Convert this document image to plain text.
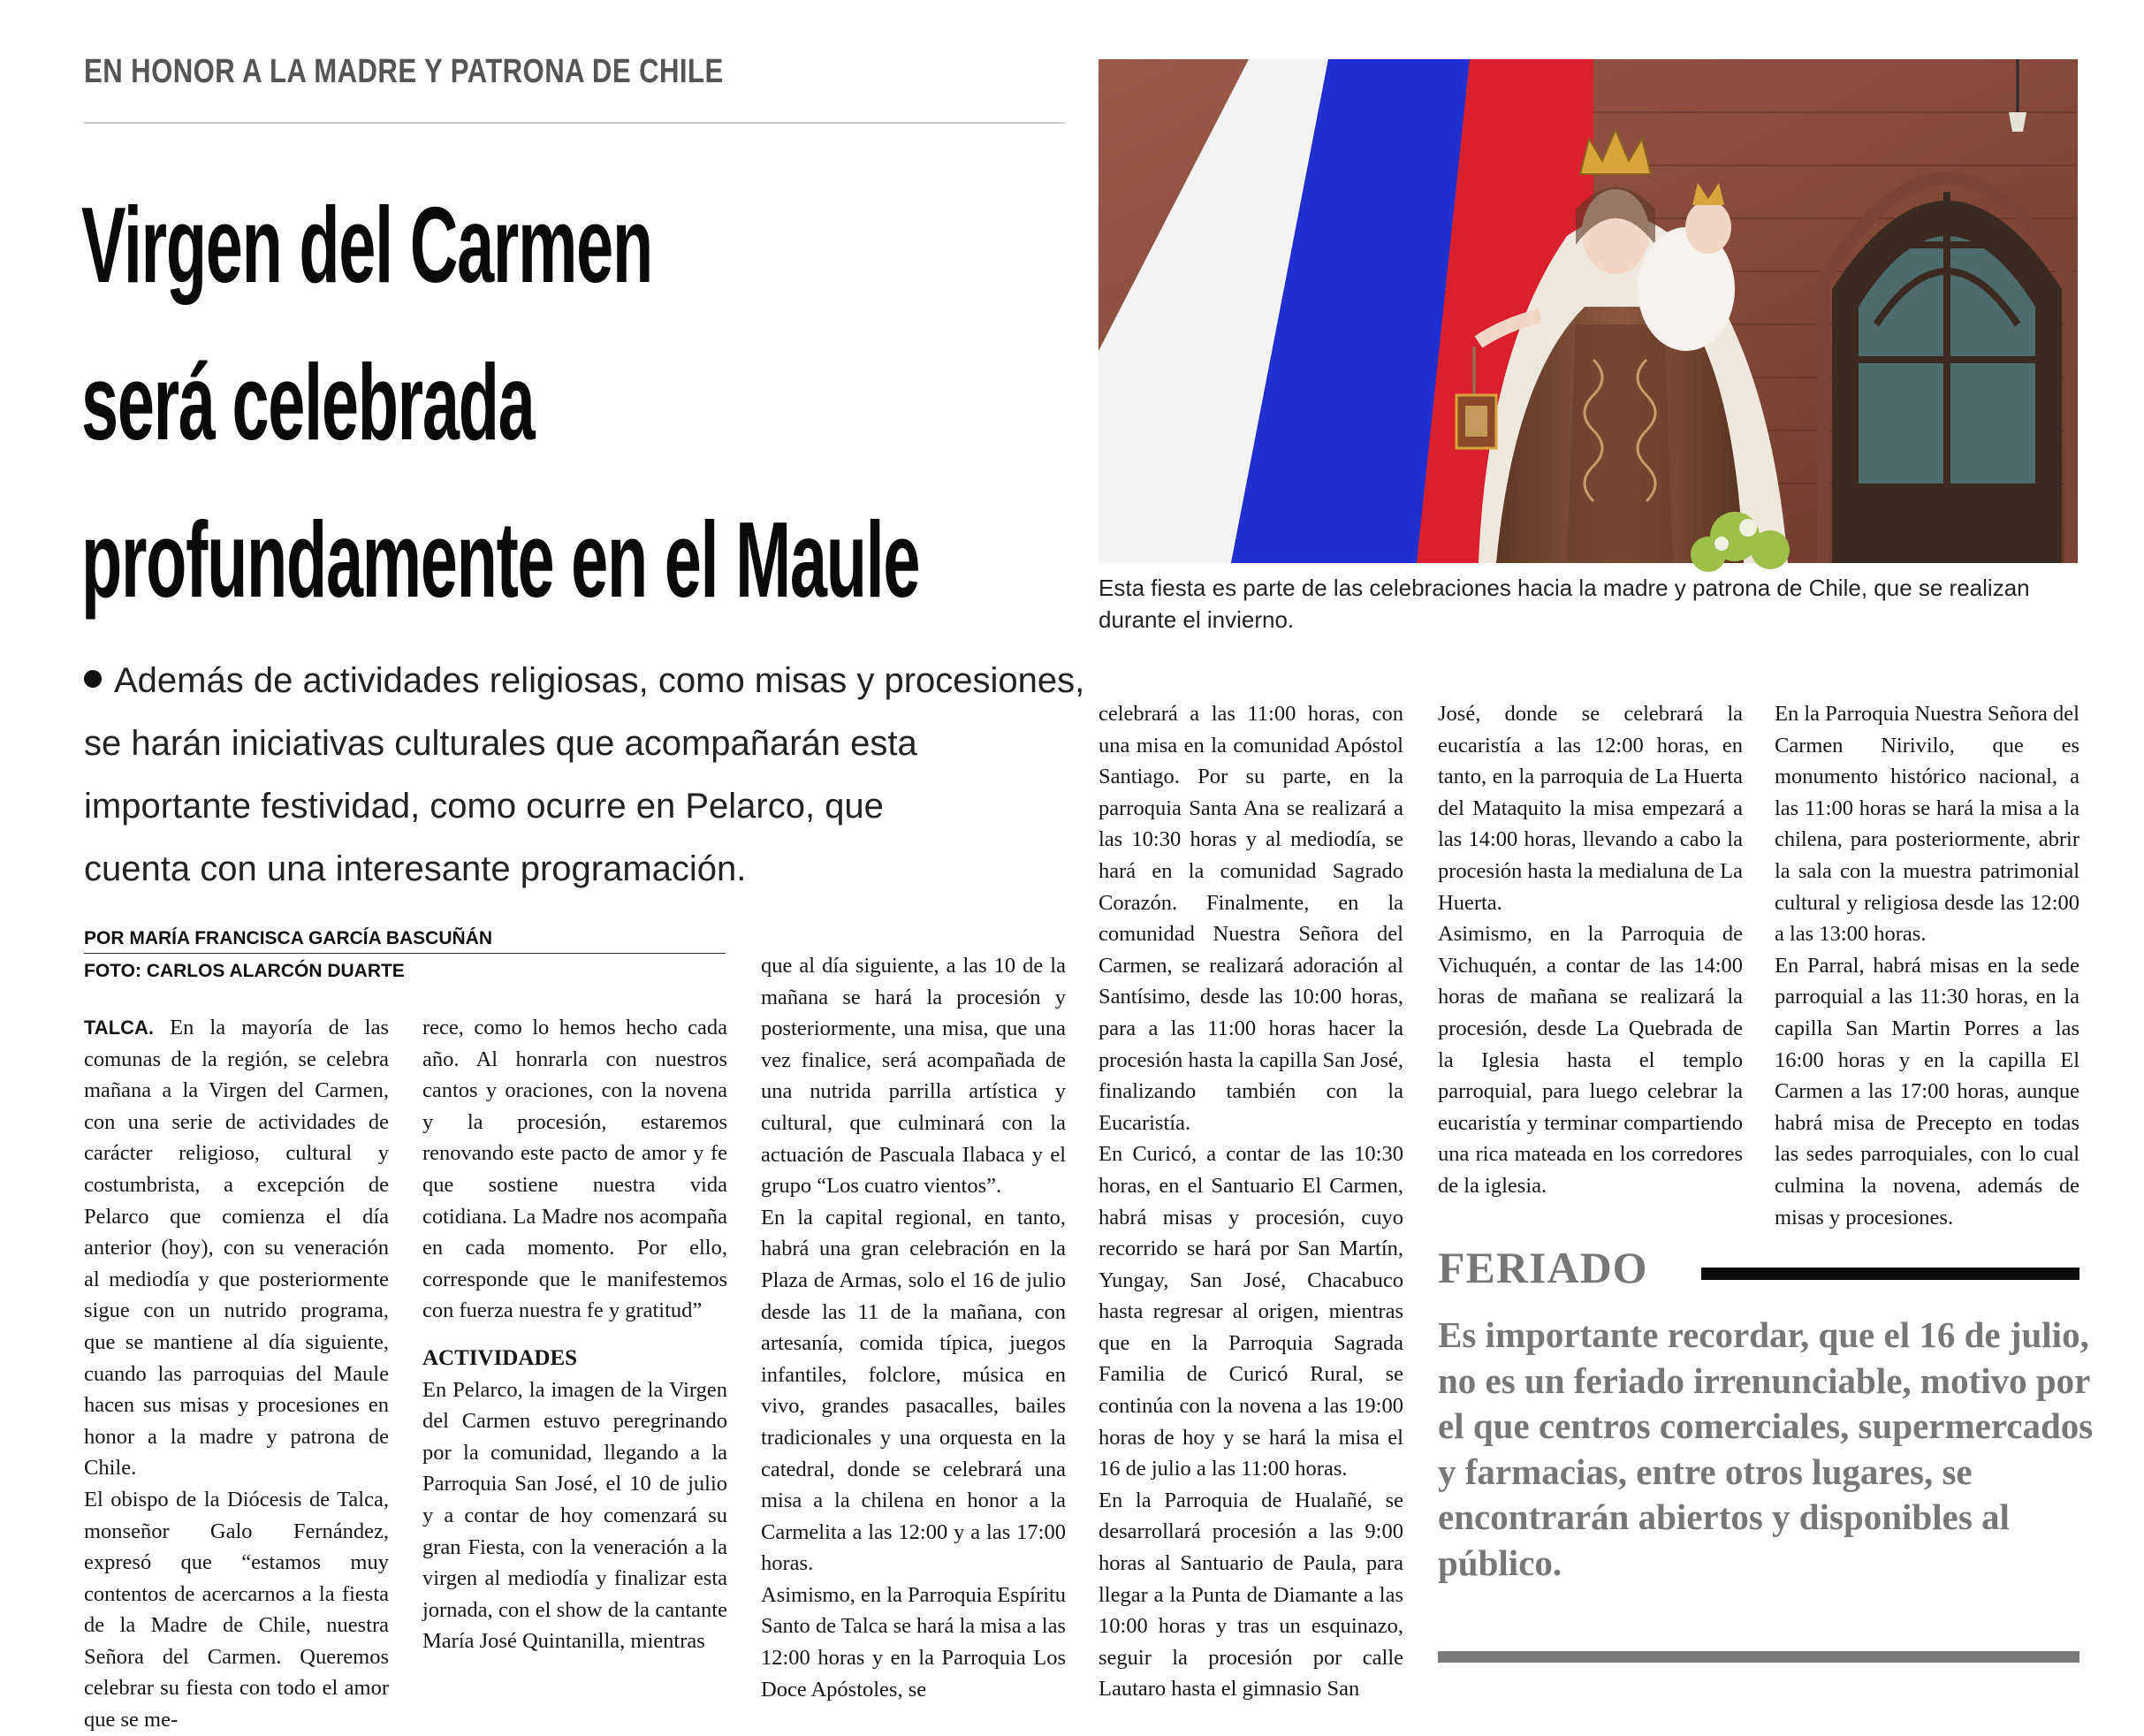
EN HONOR A LA MADRE Y PATRONA DE CHILE
Virgen del Carmen
será celebrada
profundamente en el Maule
Además de actividades religiosas, como misas y procesiones,
se harán iniciativas culturales que acompañarán esta
importante festividad, como ocurre en Pelarco, que
cuenta con una interesante programación.
POR MARÍA FRANCISCA GARCÍA BASCUÑÁN
FOTO: CARLOS ALARCÓN DUARTE
Esta fiesta es parte de las celebraciones hacia la madre y patrona de Chile, que se realizan durante el invierno.

TALCA. En la mayoría de las comunas de la región, se celebra mañana a la Virgen del Carmen, con una serie de actividades de carácter religioso, cultural y costumbrista, a excepción de Pelarco que comienza el día anterior (hoy), con su veneración al mediodía y que posteriormente sigue con un nutrido programa, que se mantiene al día siguiente, cuando las parroquias del Maule hacen sus misas y procesiones en honor a la madre y patrona de Chile.

El obispo de la Diócesis de Talca, monseñor Galo Fernández, expresó que “estamos muy contentos de acercarnos a la fiesta de la Madre de Chile, nuestra Señora del Carmen. Queremos celebrar su fiesta con todo el amor que se me-

rece, como lo hemos hecho cada año. Al honrarla con nuestros cantos y oraciones, con la novena y la procesión, estaremos renovando este pacto de amor y fe que sostiene nuestra vida cotidiana. La Madre nos acompaña en cada momento. Por ello, corresponde que le manifestemos con fuerza nuestra fe y gratitud”

ACTIVIDADES

En Pelarco, la imagen de la Virgen del Carmen estuvo peregrinando por la comunidad, llegando a la Parroquia San José, el 10 de julio y a contar de hoy comenzará su gran Fiesta, con la veneración a la virgen al mediodía y finalizar esta jornada, con el show de la cantante María José Quintanilla, mientras

que al día siguiente, a las 10 de la mañana se hará la procesión y posteriormente, una misa, que una vez finalice, será acompañada de una nutrida parrilla artística y cultural, que culminará con la actuación de Pascuala Ilabaca y el grupo “Los cuatro vientos”.

En la capital regional, en tanto, habrá una gran celebración en la Plaza de Armas, solo el 16 de julio desde las 11 de la mañana, con artesanía, comida típica, juegos infantiles, folclore, música en vivo, grandes pasacalles, bailes tradicionales y una orquesta en la catedral, donde se celebrará una misa a la chilena en honor a la Carmelita a las 12:00 y a las 17:00 horas.

Asimismo, en la Parroquia Espíritu Santo de Talca se hará la misa a las 12:00 horas y en la Parroquia Los Doce Apóstoles, se

celebrará a las 11:00 horas, con una misa en la comunidad Apóstol Santiago. Por su parte, en la parroquia Santa Ana se realizará a las 10:30 horas y al mediodía, se hará en la comunidad Sagrado Corazón. Finalmente, en la comunidad Nuestra Señora del Carmen, se realizará adoración al Santísimo, desde las 10:00 horas, para a las 11:00 horas hacer la procesión hasta la capilla San José, finalizando también con la Eucaristía.

En Curicó, a contar de las 10:30 horas, en el Santuario El Carmen, habrá misas y procesión, cuyo recorrido se hará por San Martín, Yungay, San José, Chacabuco hasta regresar al origen, mientras que en la Parroquia Sagrada Familia de Curicó Rural, se continúa con la novena a las 19:00 horas de hoy y se hará la misa el 16 de julio a las 11:00 horas.

En la Parroquia de Hualañé, se desarrollará procesión a las 9:00 horas al Santuario de Paula, para llegar a la Punta de Diamante a las 10:00 horas y tras un esquinazo, seguir la procesión por calle Lautaro hasta el gimnasio San

José, donde se celebrará la eucaristía a las 12:00 horas, en tanto, en la parroquia de La Huerta del Mataquito la misa empezará a las 14:00 horas, llevando a cabo la procesión hasta la medialuna de La Huerta.

Asimismo, en la Parroquia de Vichuquén, a contar de las 14:00 horas de mañana se realizará la procesión, desde La Quebrada de la Iglesia hasta el templo parroquial, para luego celebrar la eucaristía y terminar compartiendo una rica mateada en los corredores de la iglesia.

En la Parroquia Nuestra Señora del Carmen Nirivilo, que es monumento histórico nacional, a las 11:00 horas se hará la misa a la chilena, para posteriormente, abrir la sala con la muestra patrimonial cultural y religiosa desde las 12:00 a las 13:00 horas.

En Parral, habrá misas en la sede parroquial a las 11:30 horas, en la capilla San Martin Porres a las 16:00 horas y en la capilla El Carmen a las 17:00 horas, aunque habrá misa de Precepto en todas las sedes parroquiales, con lo cual culmina la novena, además de misas y procesiones.

FERIADO
Es importante recordar, que el 16 de julio, no es un feriado irrenunciable, motivo por el que centros comerciales, supermercados y farmacias, entre otros lugares, se encontrarán abiertos y disponibles al público.
